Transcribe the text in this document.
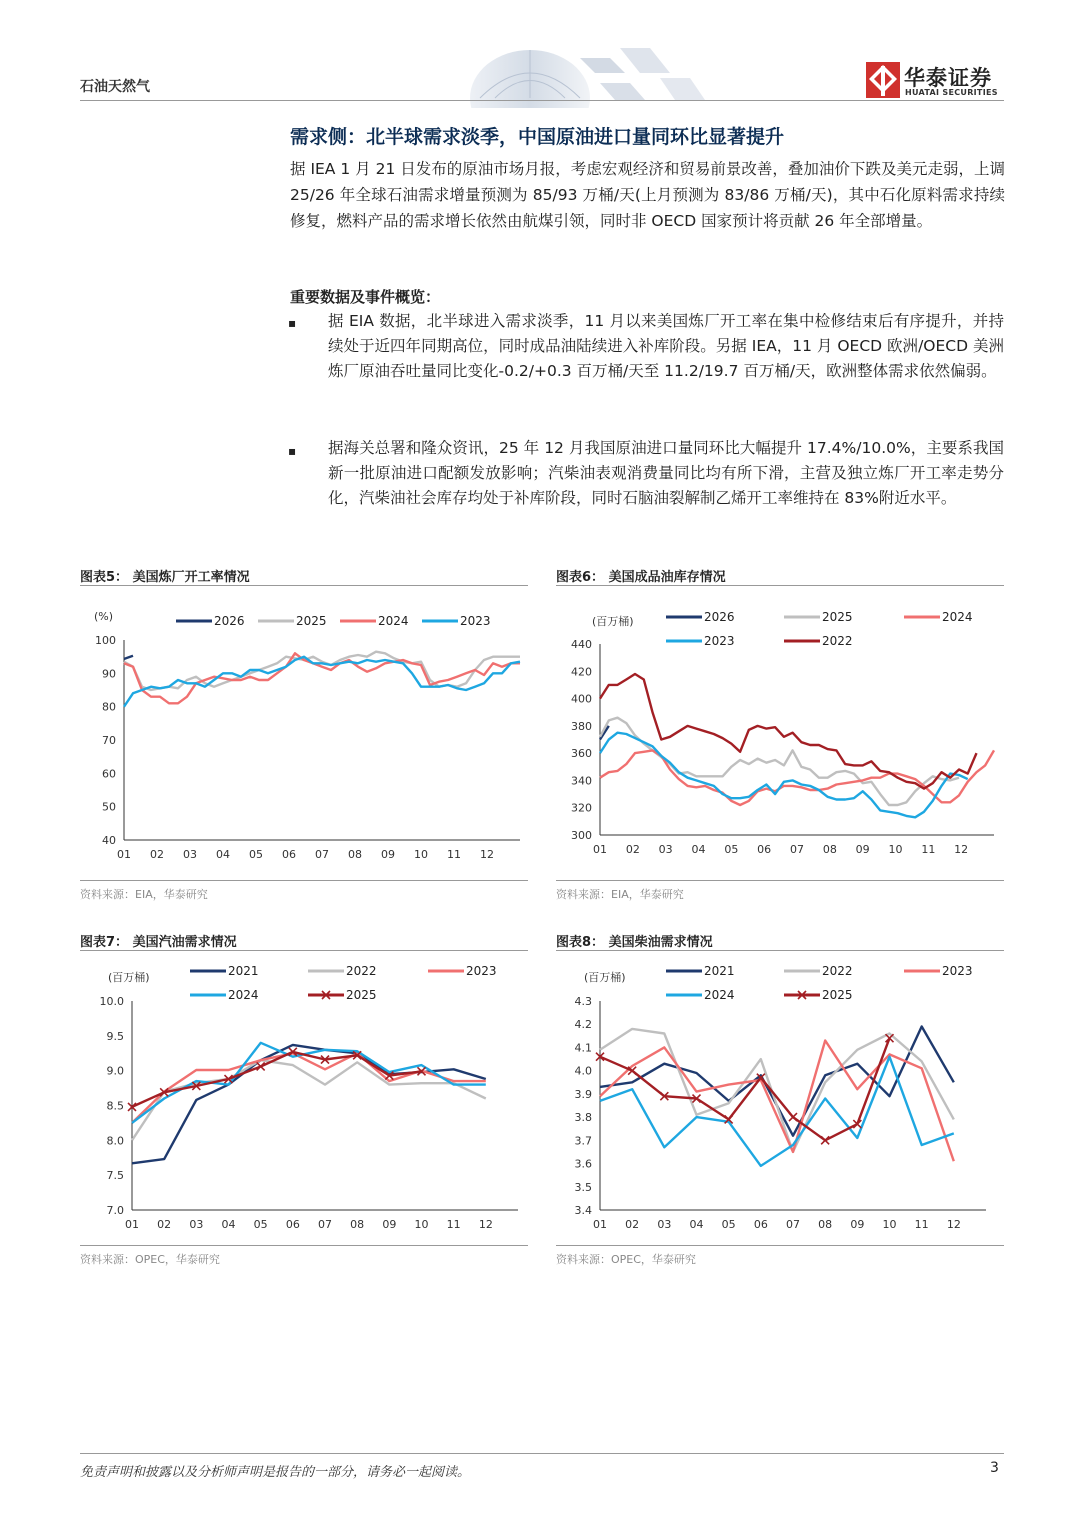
石油天然气	华泰证券
HUATAI SECURITIES
需求侧：北半球需求淡季，中国原油进口量同环比显著提升
据 IEA 1 月 21 日发布的原油市场月报，考虑宏观经济和贸易前景改善，叠加油价下跌及美元走弱，上调 25/26 年全球石油需求增量预测为 85/93 万桶/天(上月预测为 83/86 万桶/天)，其中石化原料需求持续修复，燃料产品的需求增长依然由航煤引领，同时非 OECD 国家预计将贡献 26 年全部增量。
重要数据及事件概览：
▪ 据 EIA 数据，北半球进入需求淡季，11 月以来美国炼厂开工率在集中检修结束后有序提升，并持续处于近四年同期高位，同时成品油陆续进入补库阶段。另据 IEA，11 月 OECD 欧洲/OECD 美洲炼厂原油吞吐量同比变化-0.2/+0.3 百万桶/天至 11.2/19.7 百万桶/天，欧洲整体需求依然偏弱。
▪ 据海关总署和隆众资讯，25 年 12 月我国原油进口量同环比大幅提升 17.4%/10.0%，主要系我国新一批原油进口配额发放影响；汽柴油表观消费量同比均有所下滑，主营及独立炼厂开工率走势分化，汽柴油社会库存均处于补库阶段，同时石脑油裂解制乙烯开工率维持在 83%附近水平。
图表5： 美国炼厂开工率情况	图表6： 美国成品油库存情况
(%)
40
50
60
70
80
90
100
01 02 03 04 05 06 07 08 09 10 11 12
2026	2025	2024	2023	(百万桶)
300
320
340
360
380
400
420
440
01 02 03 04 05 06 07 08 09 10 11 12
2026	2025	2024
2023	2022
资料来源：EIA，华泰研究	资料来源：EIA，华泰研究
图表7： 美国汽油需求情况	图表8： 美国柴油需求情况
(百万桶)
7.0
7.5
8.0
8.5
9.0
9.5
10.0
01 02 03 04 05 06 07 08 09 10 11 12
2021	2022	2023
2024	2025
(百万桶)
3.4
3.5
3.6
3.7
3.8
3.9
4.0
4.1
4.2
4.3
01 02 03 04 05 06 07 08 09 10 11 12
2021	2022	2023
2024	2025
资料来源：OPEC，华泰研究	资料来源：OPEC，华泰研究
免责声明和披露以及分析师声明是报告的一部分，请务必一起阅读。	3
